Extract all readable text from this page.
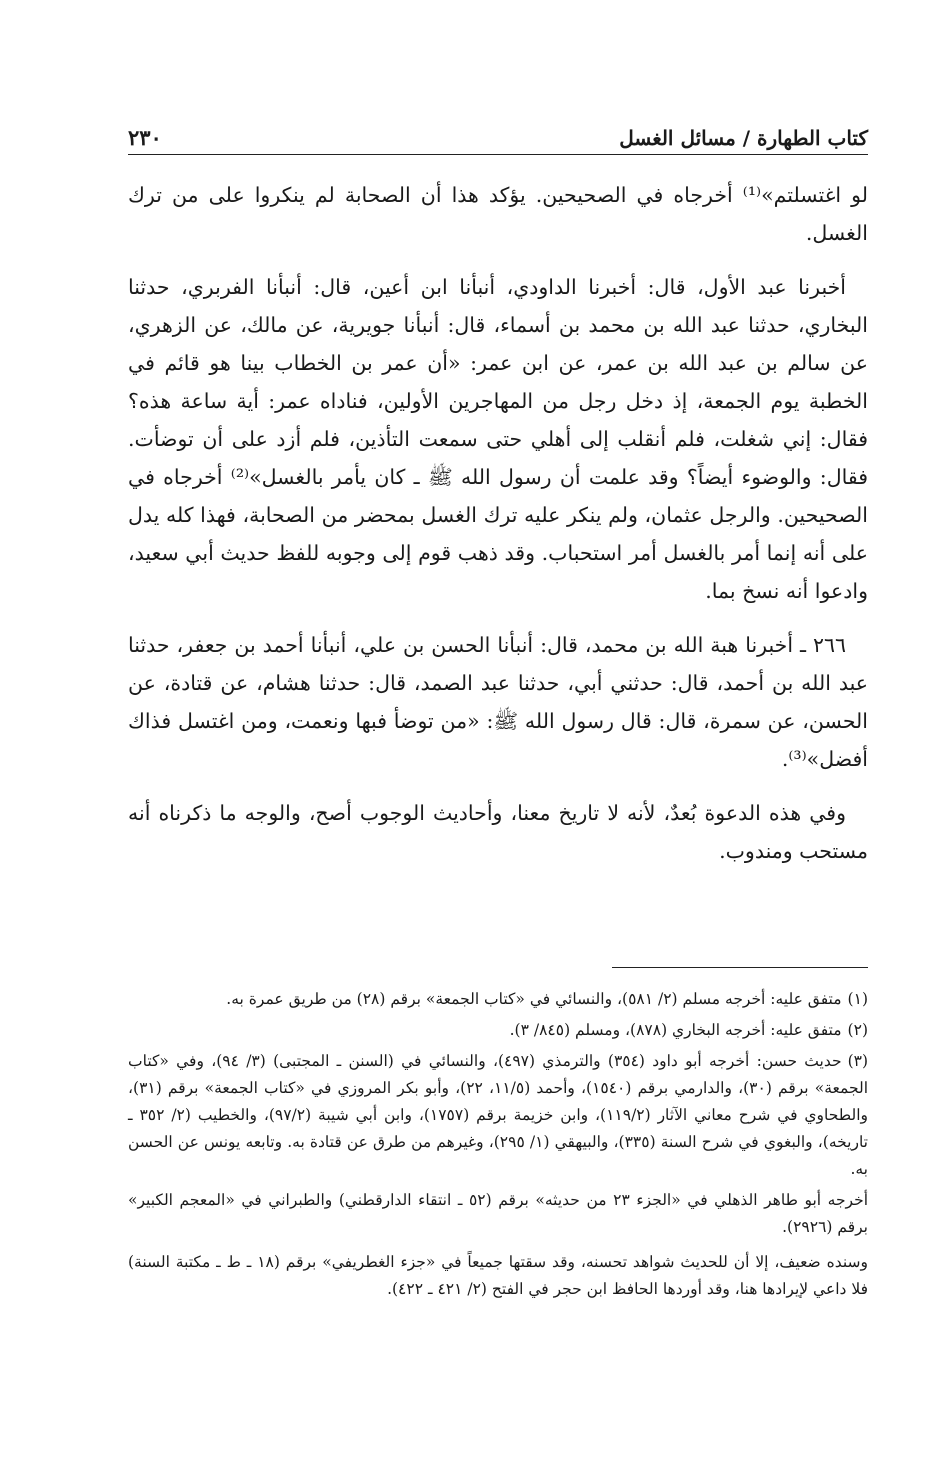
كتاب الطهارة / مسائل الغسل
٢٣٠

لو اغتسلتم»⁽¹⁾ أخرجاه في الصحيحين. يؤكد هذا أن الصحابة لم ينكروا على من ترك الغسل.

أخبرنا عبد الأول، قال: أخبرنا الداودي، أنبأنا ابن أعين، قال: أنبأنا الفربري، حدثنا البخاري، حدثنا عبد الله بن محمد بن أسماء، قال: أنبأنا جويرية، عن مالك، عن الزهري، عن سالم بن عبد الله بن عمر، عن ابن عمر: «أن عمر بن الخطاب بينا هو قائم في الخطبة يوم الجمعة، إذ دخل رجل من المهاجرين الأولين، فناداه عمر: أية ساعة هذه؟ فقال: إني شغلت، فلم أنقلب إلى أهلي حتى سمعت التأذين، فلم أزد على أن توضأت. فقال: والوضوء أيضاً؟ وقد علمت أن رسول الله ﷺ ـ كان يأمر بالغسل»⁽²⁾ أخرجاه في الصحيحين. والرجل عثمان، ولم ينكر عليه ترك الغسل بمحضر من الصحابة، فهذا كله يدل على أنه إنما أمر بالغسل أمر استحباب. وقد ذهب قوم إلى وجوبه للفظ حديث أبي سعيد، وادعوا أنه نسخ بما.

٢٦٦ ـ أخبرنا هبة الله بن محمد، قال: أنبأنا الحسن بن علي، أنبأنا أحمد بن جعفر، حدثنا عبد الله بن أحمد، قال: حدثني أبي، حدثنا عبد الصمد، قال: حدثنا هشام، عن قتادة، عن الحسن، عن سمرة، قال: قال رسول الله ﷺ: «من توضأ فبها ونعمت، ومن اغتسل فذاك أفضل»⁽³⁾.

وفي هذه الدعوة بُعدٌ، لأنه لا تاريخ معنا، وأحاديث الوجوب أصح، والوجه ما ذكرناه أنه مستحب ومندوب.

(١)متفق عليه: أخرجه مسلم (٢/ ٥٨١)، والنسائي في «كتاب الجمعة» برقم (٢٨) من طريق عمرة به.

(٢)متفق عليه: أخرجه البخاري (٨٧٨)، ومسلم (٨٤٥/ ٣).

(٣)حديث حسن: أخرجه أبو داود (٣٥٤) والترمذي (٤٩٧)، والنسائي في (السنن ـ المجتبى) (٣/ ٩٤)، وفي «كتاب الجمعة» برقم (٣٠)، والدارمي برقم (١٥٤٠)، وأحمد (١١/٥، ٢٢)، وأبو بكر المروزي في «كتاب الجمعة» برقم (٣١)، والطحاوي في شرح معاني الآثار (١١٩/٢)، وابن خزيمة برقم (١٧٥٧)، وابن أبي شيبة (٩٧/٢)، والخطيب (٢/ ٣٥٢ ـ تاريخه)، والبغوي في شرح السنة (٣٣٥)، والبيهقي (١/ ٢٩٥)، وغيرهم من طرق عن قتادة به. وتابعه يونس عن الحسن به.

أخرجه أبو طاهر الذهلي في «الجزء ٢٣ من حديثه» برقم (٥٢ ـ انتقاء الدارقطني) والطبراني في «المعجم الكبير» برقم (٢٩٢٦).

وسنده ضعيف، إلا أن للحديث شواهد تحسنه، وقد سقتها جميعاً في «جزء الغطريفي» برقم (١٨ ـ ط ـ مكتبة السنة) فلا داعي لإيرادها هنا، وقد أوردها الحافظ ابن حجر في الفتح (٢/ ٤٢١ ـ ٤٢٢).
